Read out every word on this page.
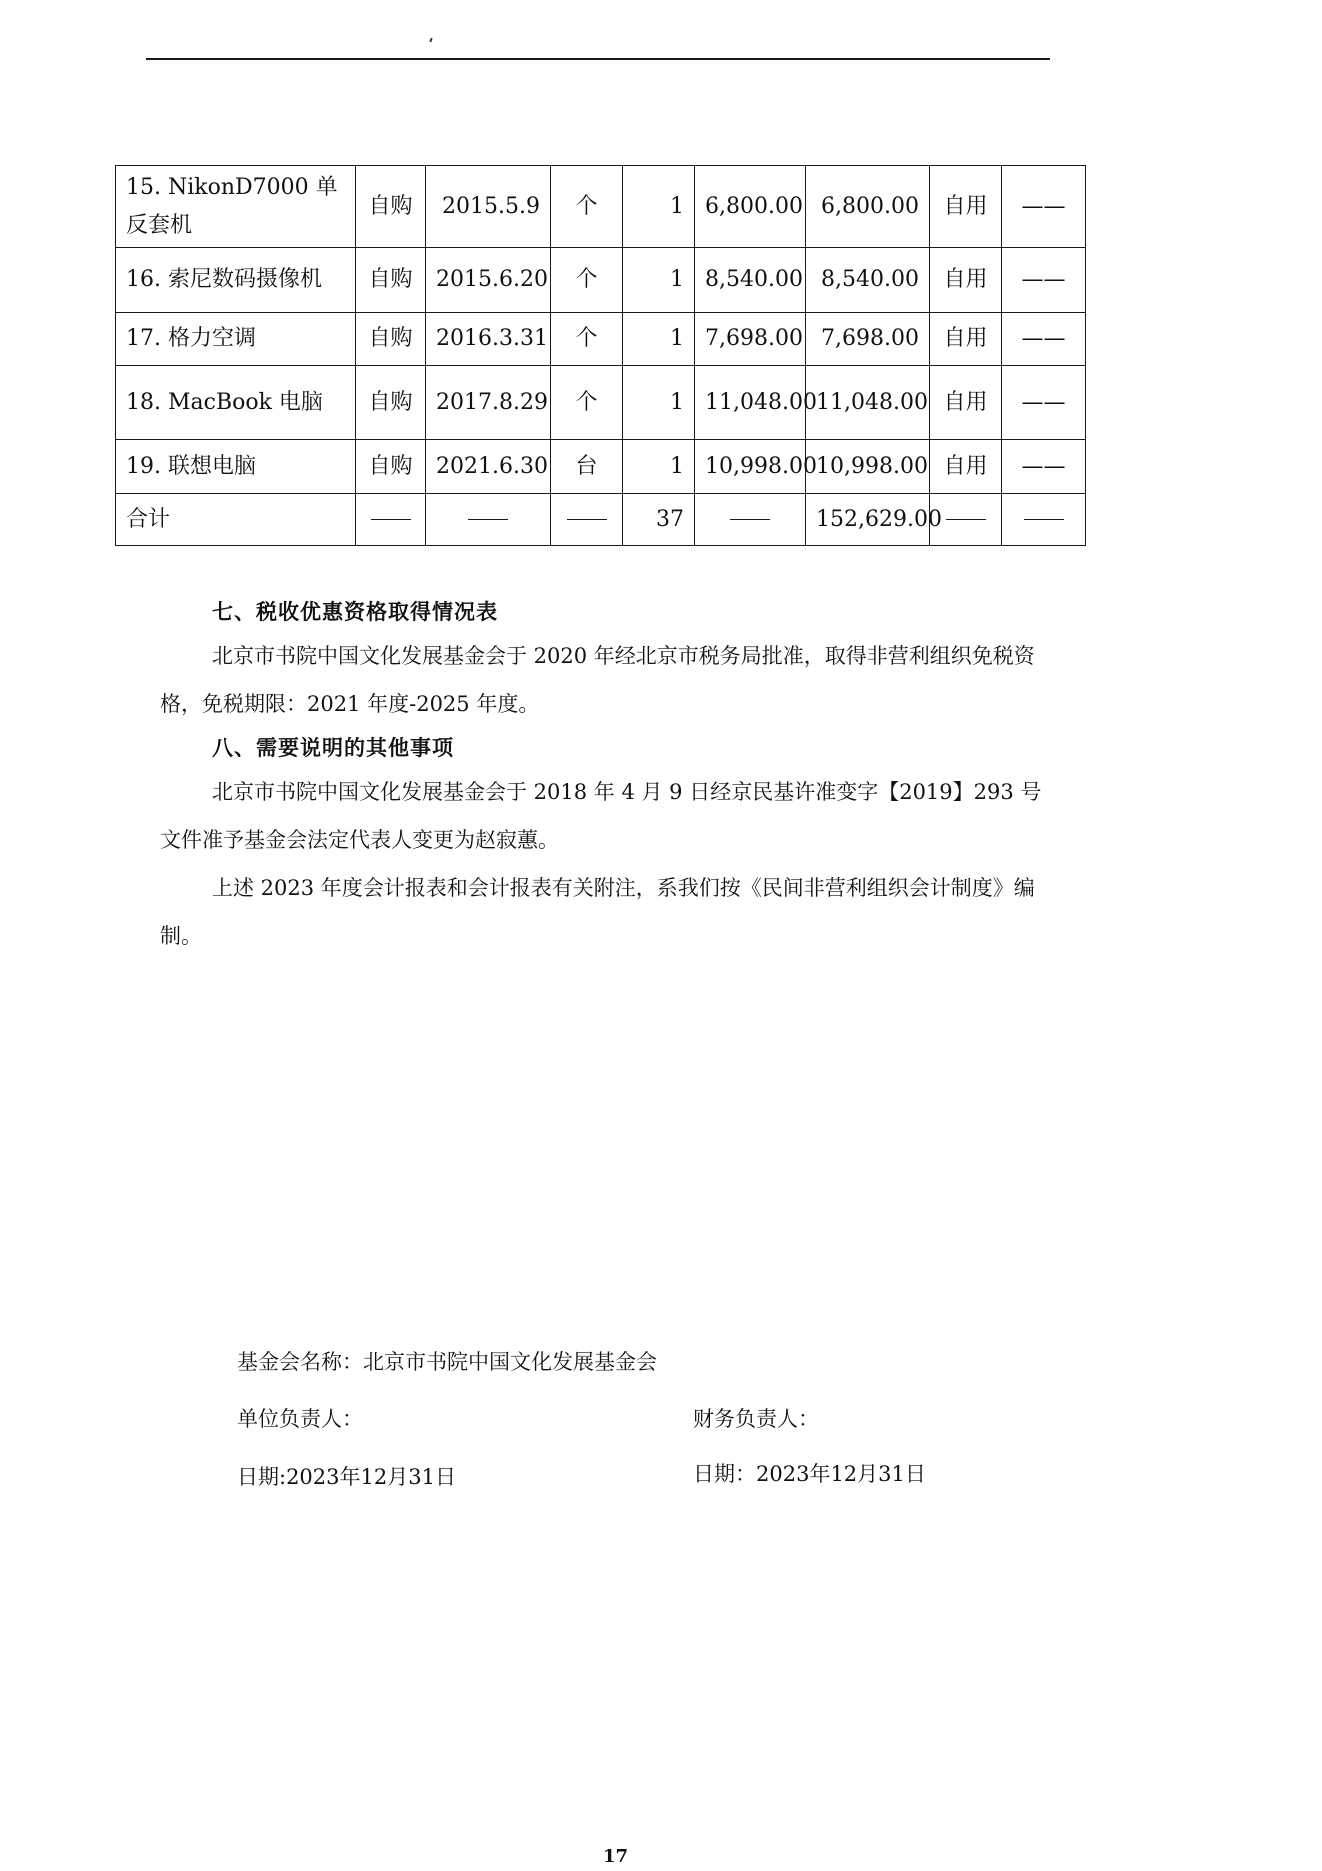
15. NikonD7000 单反套机	自购	2015.5.9	个	1	6,800.00	6,800.00	自用	——
16. 索尼数码摄像机	自购	2015.6.20	个	1	8,540.00	8,540.00	自用	——
17. 格力空调	自购	2016.3.31	个	1	7,698.00	7,698.00	自用	——
18. MacBook 电脑	自购	2017.8.29	个	1	11,048.00	11,048.00	自用	——
19. 联想电脑	自购	2021.6.30	台	1	10,998.00	10,998.00	自用	——
合计				37		152,629.00		
七、税收优惠资格取得情况表
北京市书院中国文化发展基金会于 2020 年经北京市税务局批准，取得非营利组织免税资格，免税期限：2021 年度-2025 年度。
八、需要说明的其他事项
北京市书院中国文化发展基金会于 2018 年 4 月 9 日经京民基许准变字【2019】293 号文件准予基金会法定代表人变更为赵寂蕙。
上述 2023 年度会计报表和会计报表有关附注，系我们按《民间非营利组织会计制度》编制。
基金会名称：北京市书院中国文化发展基金会
单位负责人：	财务负责人：
日期:2023年12月31日	日期：2023年12月31日
17
